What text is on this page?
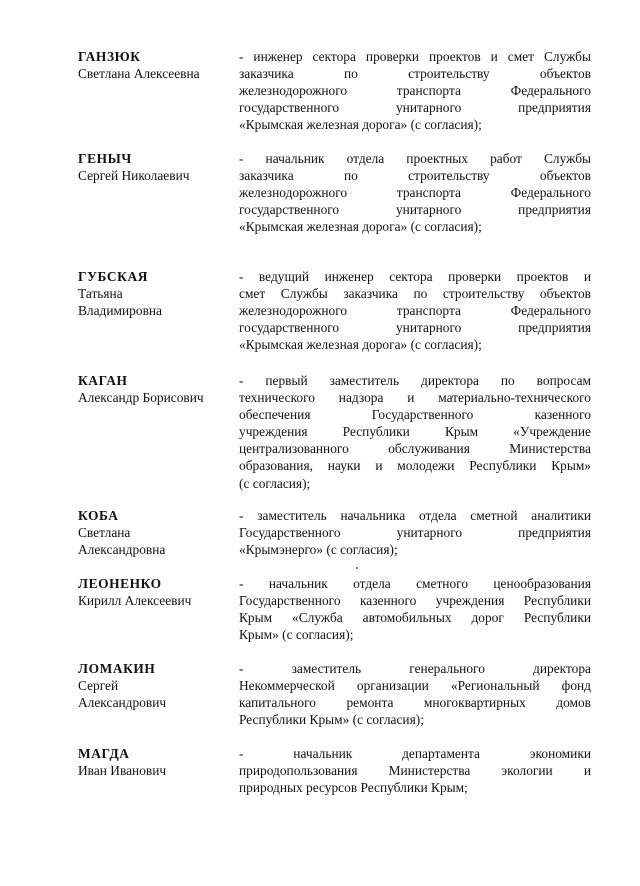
ГАНЗЮК
Светлана Алексеевна
- инженер сектора проверки проектов и смет Службы
заказчика по строительству объектов
железнодорожного транспорта Федерального
государственного унитарного предприятия
«Крымская железная дорога» (с согласия);
ГЕНЫЧ
Сергей Николаевич
- начальник отдела проектных работ Службы
заказчика по строительству объектов
железнодорожного транспорта Федерального
государственного унитарного предприятия
«Крымская железная дорога» (с согласия);
ГУБСКАЯ
Татьяна
Владимировна
- ведущий инженер сектора проверки проектов и
смет Службы заказчика по строительству объектов
железнодорожного транспорта Федерального
государственного унитарного предприятия
«Крымская железная дорога» (с согласия);
КАГАН
Александр Борисович
- первый заместитель директора по вопросам
технического надзора и материально-технического
обеспечения Государственного казенного
учреждения Республики Крым «Учреждение
централизованного обслуживания Министерства
образования, науки и молодежи Республики Крым»
(с согласия);
КОБА
Светлана
Александровна
- заместитель начальника отдела сметной аналитики
Государственного унитарного предприятия
«Крымэнерго» (с согласия);
ЛЕОНЕНКО
Кирилл Алексеевич
- начальник отдела сметного ценообразования
Государственного казенного учреждения Республики
Крым «Служба автомобильных дорог Республики
Крым» (с согласия);
ЛОМАКИН
Сергей
Александрович
- заместитель генерального директора
Некоммерческой организации «Региональный фонд
капитального ремонта многоквартирных домов
Республики Крым» (с согласия);
МАГДА
Иван Иванович
- начальник департамента экономики
природопользования Министерства экологии и
природных ресурсов Республики Крым;
